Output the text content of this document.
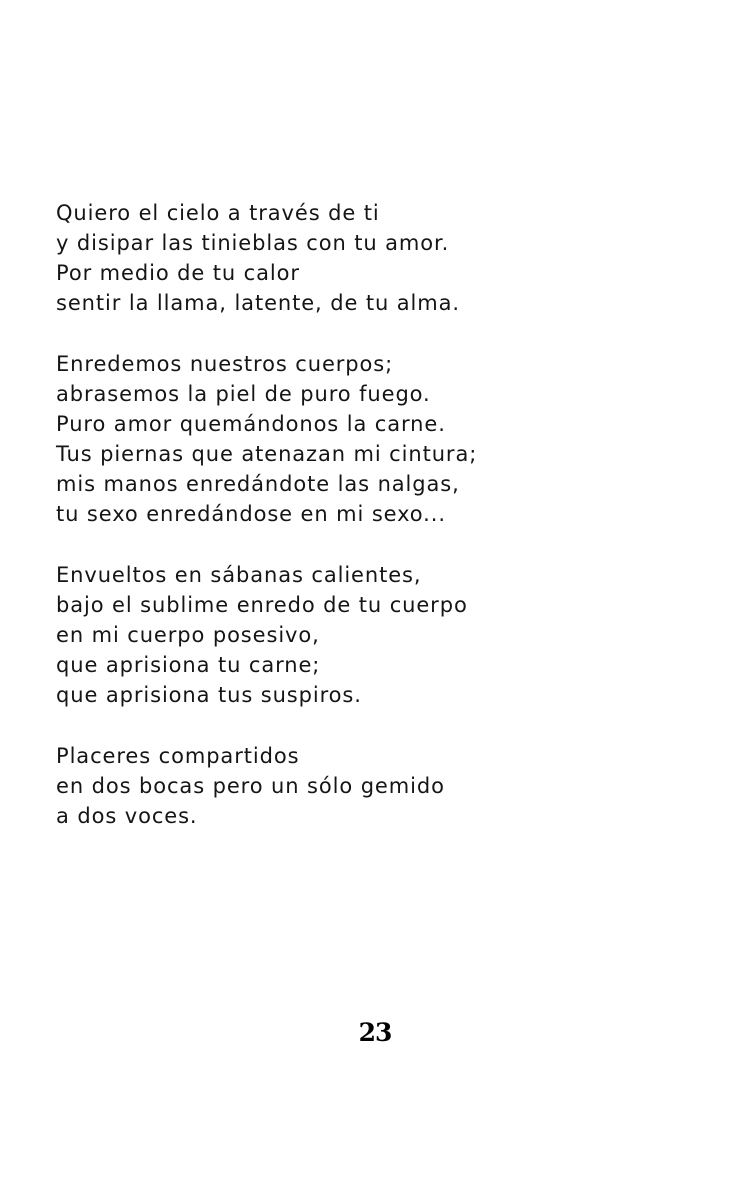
Quiero el cielo a través de ti
y disipar las tinieblas con tu amor.
Por medio de tu calor
sentir la llama, latente, de tu alma.
Enredemos nuestros cuerpos;
abrasemos la piel de puro fuego.
Puro amor quemándonos la carne.
Tus piernas que atenazan mi cintura;
mis manos enredándote las nalgas,
tu sexo enredándose en mi sexo...
Envueltos en sábanas calientes,
bajo el sublime enredo de tu cuerpo
en mi cuerpo posesivo,
que aprisiona tu carne;
que aprisiona tus suspiros.
Placeres compartidos
en dos bocas pero un sólo gemido
a dos voces.
23
